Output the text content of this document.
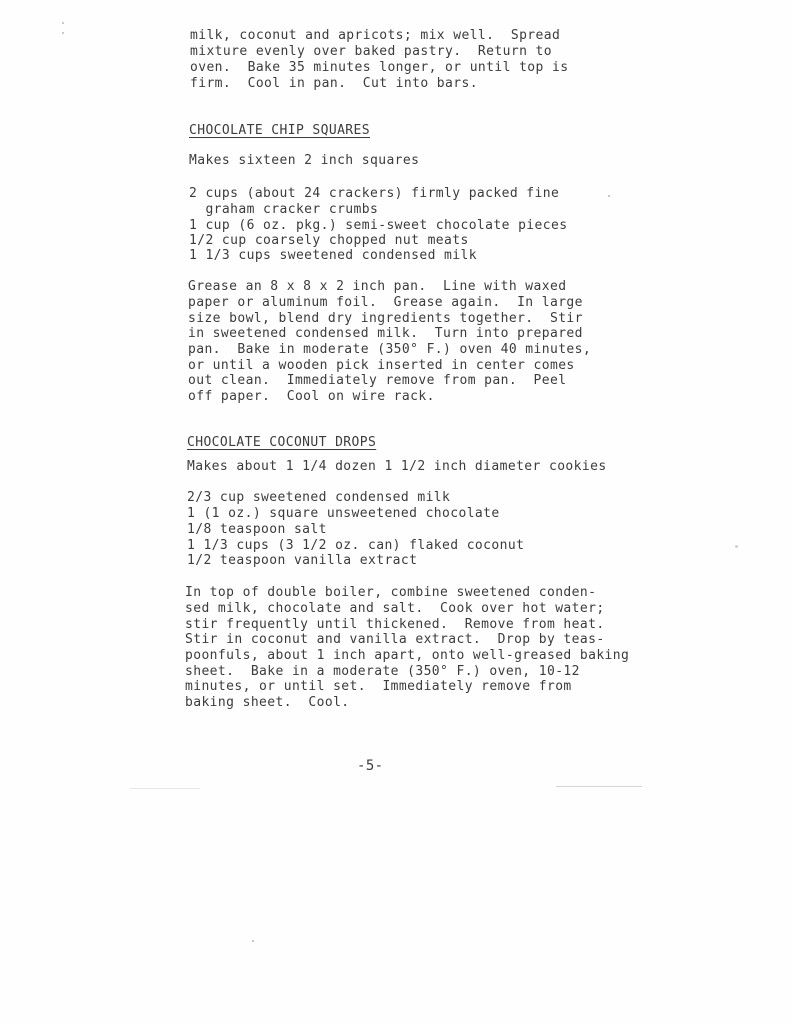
milk, coconut and apricots; mix well.  Spread
mixture evenly over baked pastry.  Return to
oven.  Bake 35 minutes longer, or until top is
firm.  Cool in pan.  Cut into bars.
CHOCOLATE CHIP SQUARES
Makes sixteen 2 inch squares
2 cups (about 24 crackers) firmly packed fine
graham cracker crumbs
1 cup (6 oz. pkg.) semi-sweet chocolate pieces
1/2 cup coarsely chopped nut meats
1 1/3 cups sweetened condensed milk
Grease an 8 x 8 x 2 inch pan.  Line with waxed
paper or aluminum foil.  Grease again.  In large
size bowl, blend dry ingredients together.  Stir
in sweetened condensed milk.  Turn into prepared
pan.  Bake in moderate (350° F.) oven 40 minutes,
or until a wooden pick inserted in center comes
out clean.  Immediately remove from pan.  Peel
off paper.  Cool on wire rack.
CHOCOLATE COCONUT DROPS
Makes about 1 1/4 dozen 1 1/2 inch diameter cookies
2/3 cup sweetened condensed milk
1 (1 oz.) square unsweetened chocolate
1/8 teaspoon salt
1 1/3 cups (3 1/2 oz. can) flaked coconut
1/2 teaspoon vanilla extract
In top of double boiler, combine sweetened conden-
sed milk, chocolate and salt.  Cook over hot water;
stir frequently until thickened.  Remove from heat.
Stir in coconut and vanilla extract.  Drop by teas-
poonfuls, about 1 inch apart, onto well-greased baking
sheet.  Bake in a moderate (350° F.) oven, 10-12
minutes, or until set.  Immediately remove from
baking sheet.  Cool.
-5-
